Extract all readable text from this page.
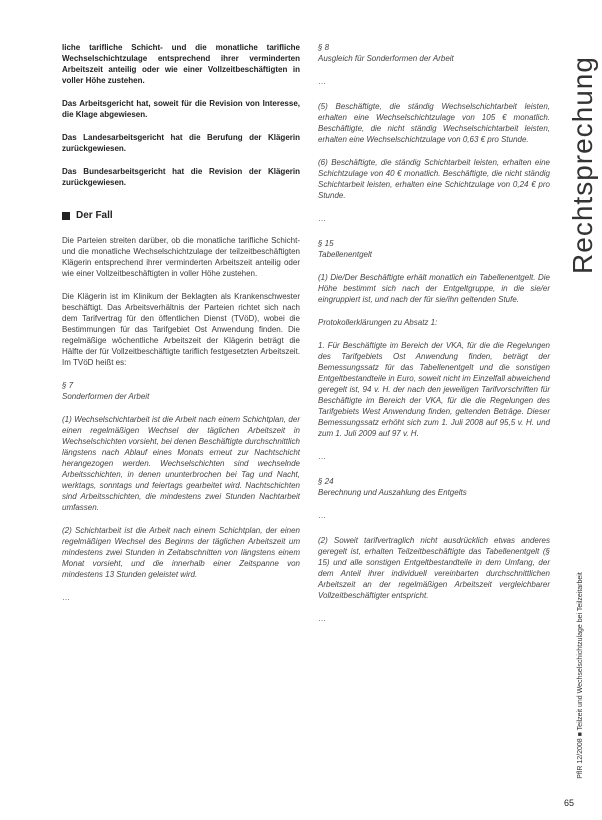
liche tarifliche Schicht- und die monatliche tarifliche Wechselschichtzulage entsprechend ihrer verminderten Arbeitszeit anteilig oder wie einer Vollzeitbeschäftigten in voller Höhe zustehen.

Das Arbeitsgericht hat, soweit für die Revision von Interesse, die Klage abgewiesen.

Das Landesarbeitsgericht hat die Berufung der Klägerin zurückgewiesen.

Das Bundesarbeitsgericht hat die Revision der Klägerin zurückgewiesen.

Der Fall

Die Parteien streiten darüber, ob die monatliche tarifliche Schicht- und die monatliche Wechselschichtzulage der teilzeitbeschäftigten Klägerin entsprechend ihrer verminderten Arbeitszeit anteilig oder wie einer Vollzeitbeschäftigten in voller Höhe zustehen.

Die Klägerin ist im Klinikum der Beklagten als Krankenschwester beschäftigt. Das Arbeitsverhältnis der Parteien richtet sich nach dem Tarifvertrag für den öffentlichen Dienst (TVöD), wobei die Bestimmungen für das Tarifgebiet Ost Anwendung finden. Die regelmäßige wöchentliche Arbeitszeit der Klägerin beträgt die Hälfte der für Vollzeitbeschäftigte tariflich festgesetzten Arbeitszeit. Im TVöD heißt es:

§ 7

Sonderformen der Arbeit

(1) Wechselschichtarbeit ist die Arbeit nach einem Schichtplan, der einen regelmäßigen Wechsel der täglichen Arbeitszeit in Wechselschichten vorsieht, bei denen Beschäftigte durchschnittlich längstens nach Ablauf eines Monats erneut zur Nachtschicht herangezogen werden. Wechselschichten sind wechselnde Arbeitsschichten, in denen ununterbrochen bei Tag und Nacht, werktags, sonntags und feiertags gearbeitet wird. Nachtschichten sind Arbeitsschichten, die mindestens zwei Stunden Nachtarbeit umfassen.

(2) Schichtarbeit ist die Arbeit nach einem Schichtplan, der einen regelmäßigen Wechsel des Beginns der täglichen Arbeitszeit um mindestens zwei Stunden in Zeitabschnitten von längstens einem Monat vorsieht, und die innerhalb einer Zeitspanne von mindestens 13 Stunden geleistet wird.

…

§ 8

Ausgleich für Sonderformen der Arbeit

…

(5) Beschäftigte, die ständig Wechselschichtarbeit leisten, erhalten eine Wechselschichtzulage von 105 € monatlich. Beschäftigte, die nicht ständig Wechselschichtarbeit leisten, erhalten eine Wechselschichtzulage von 0,63 € pro Stunde.

(6) Beschäftigte, die ständig Schichtarbeit leisten, erhalten eine Schichtzulage von 40 € monatlich. Beschäftigte, die nicht ständig Schichtarbeit leisten, erhalten eine Schichtzulage von 0,24 € pro Stunde.

…

§ 15

Tabellenentgelt

(1) Die/Der Beschäftigte erhält monatlich ein Tabellenentgelt. Die Höhe bestimmt sich nach der Entgeltgruppe, in die sie/er eingruppiert ist, und nach der für sie/ihn geltenden Stufe.

Protokollerklärungen zu Absatz 1:

1. Für Beschäftigte im Bereich der VKA, für die die Regelungen des Tarifgebiets Ost Anwendung finden, beträgt der Bemessungssatz für das Tabellenentgelt und die sonstigen Entgeltbestandteile in Euro, soweit nicht im Einzelfall abweichend geregelt ist, 94 v. H. der nach den jeweiligen Tarifvorschriften für Beschäftigte im Bereich der VKA, für die die Regelungen des Tarifgebiets West Anwendung finden, geltenden Beträge. Dieser Bemessungssatz erhöht sich zum 1. Juli 2008 auf 95,5 v. H. und zum 1. Juli 2009 auf 97 v. H.

…

§ 24

Berechnung und Auszahlung des Entgelts

…

(2) Soweit tarifvertraglich nicht ausdrücklich etwas anderes geregelt ist, erhalten Teilzeitbeschäftigte das Tabellenentgelt (§ 15) und alle sonstigen Entgeltbestandteile in dem Umfang, der dem Anteil ihrer individuell vereinbarten durchschnittlichen Arbeitszeit an der regelmäßigen Arbeitszeit vergleichbarer Vollzeitbeschäftigter entspricht.

…

Rechtsprechung
PflR 12/2008 ■ Teilzeit und Wechselschichtzulage bei Teilzeitarbeit
65
